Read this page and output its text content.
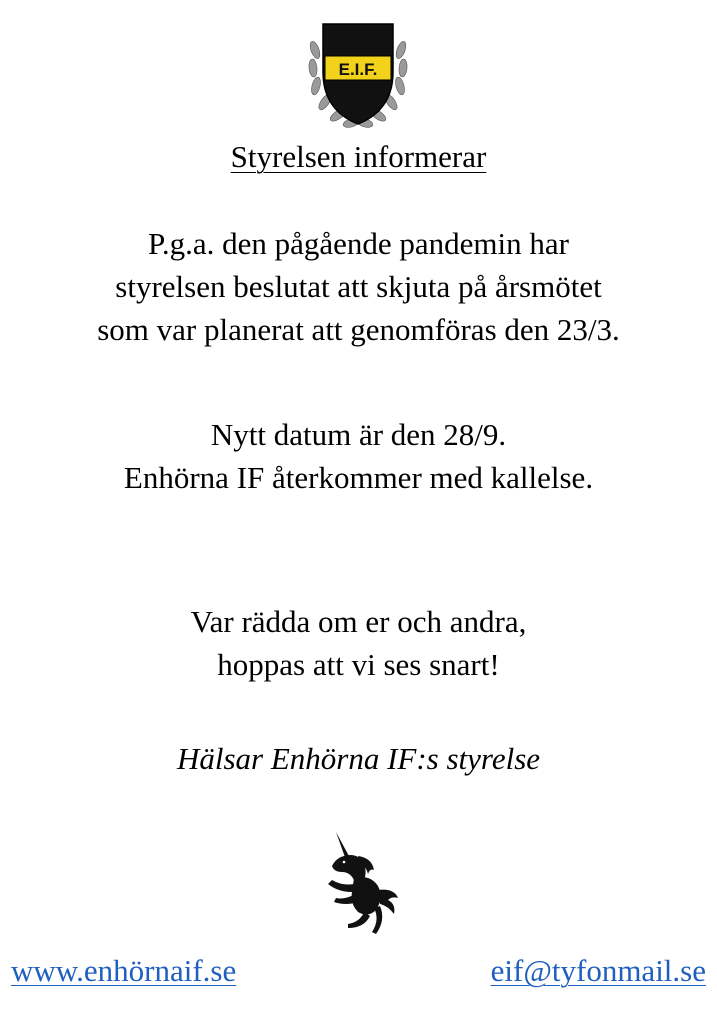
E.I.F.
Styrelsen informerar

P.g.a. den pågående pandemin har
styrelsen beslutat att skjuta på årsmötet
som var planerat att genomföras den 23/3.

Nytt datum är den 28/9.
Enhörna IF återkommer med kallelse.

Var rädda om er och andra,
hoppas att vi ses snart!

Hälsar Enhörna IF:s styrelse

www.enhörnaif.se	eif@tyfonmail.se
